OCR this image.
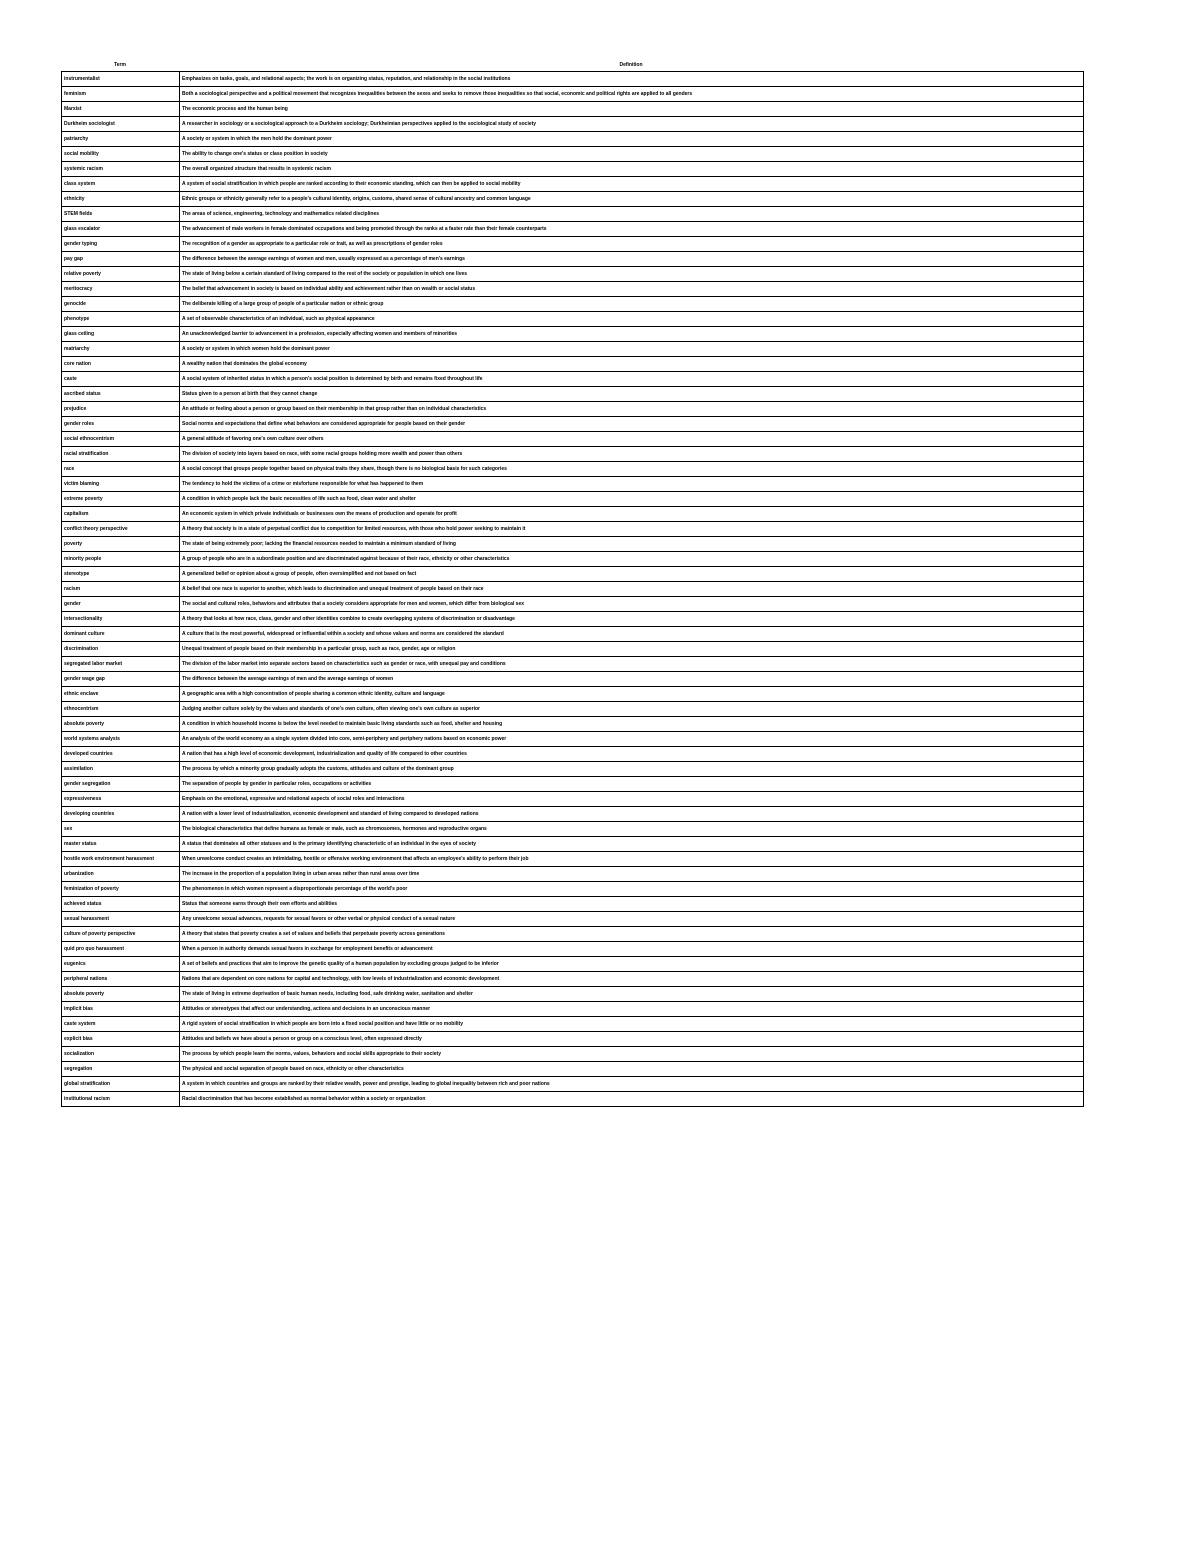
Term	Definition
instrumentalist	Emphasizes on tasks, goals, and relational aspects; the work is on organizing status, reputation, and relationship in the social institutions
feminism	Both a sociological perspective and a political movement that recognizes inequalities between the sexes and seeks to remove those inequalities so that social, economic and political rights are applied to all genders
Marxist	The economic process and the human being
Durkheim sociologist	A researcher in sociology or a sociological approach to a Durkheim sociology; Durkheimian perspectives applied to the sociological study of society
patriarchy	A society or system in which the men hold the dominant power
social mobility	The ability to change one's status or class position in society
systemic racism	The overall organized structure that results in systemic racism
class system	A system of social stratification in which people are ranked according to their economic standing, which can then be applied to social mobility
ethnicity	Ethnic groups or ethnicity generally refer to a people's cultural identity, origins, customs, shared sense of cultural ancestry and common language
STEM fields	The areas of science, engineering, technology and mathematics related disciplines
glass escalator	The advancement of male workers in female dominated occupations and being promoted through the ranks at a faster rate than their female counterparts
gender typing	The recognition of a gender as appropriate to a particular role or trait, as well as prescriptions of gender roles
pay gap	The difference between the average earnings of women and men, usually expressed as a percentage of men's earnings
relative poverty	The state of living below a certain standard of living compared to the rest of the society or population in which one lives
meritocracy	The belief that advancement in society is based on individual ability and achievement rather than on wealth or social status
genocide	The deliberate killing of a large group of people of a particular nation or ethnic group
phenotype	A set of observable characteristics of an individual, such as physical appearance
glass ceiling	An unacknowledged barrier to advancement in a profession, especially affecting women and members of minorities
matriarchy	A society or system in which women hold the dominant power
core nation	A wealthy nation that dominates the global economy
caste	A social system of inherited status in which a person's social position is determined by birth and remains fixed throughout life
ascribed status	Status given to a person at birth that they cannot change
prejudice	An attitude or feeling about a person or group based on their membership in that group rather than on individual characteristics
gender roles	Social norms and expectations that define what behaviors are considered appropriate for people based on their gender
social ethnocentrism	A general attitude of favoring one's own culture over others
racial stratification	The division of society into layers based on race, with some racial groups holding more wealth and power than others
race	A social concept that groups people together based on physical traits they share, though there is no biological basis for such categories
victim blaming	The tendency to hold the victims of a crime or misfortune responsible for what has happened to them
extreme poverty	A condition in which people lack the basic necessities of life such as food, clean water and shelter
capitalism	An economic system in which private individuals or businesses own the means of production and operate for profit
conflict theory perspective	A theory that society is in a state of perpetual conflict due to competition for limited resources, with those who hold power seeking to maintain it
poverty	The state of being extremely poor; lacking the financial resources needed to maintain a minimum standard of living
minority people	A group of people who are in a subordinate position and are discriminated against because of their race, ethnicity or other characteristics
stereotype	A generalized belief or opinion about a group of people, often oversimplified and not based on fact
racism	A belief that one race is superior to another, which leads to discrimination and unequal treatment of people based on their race
gender	The social and cultural roles, behaviors and attributes that a society considers appropriate for men and women, which differ from biological sex
intersectionality	A theory that looks at how race, class, gender and other identities combine to create overlapping systems of discrimination or disadvantage
dominant culture	A culture that is the most powerful, widespread or influential within a society and whose values and norms are considered the standard
discrimination	Unequal treatment of people based on their membership in a particular group, such as race, gender, age or religion
segregated labor market	The division of the labor market into separate sectors based on characteristics such as gender or race, with unequal pay and conditions
gender wage gap	The difference between the average earnings of men and the average earnings of women
ethnic enclave	A geographic area with a high concentration of people sharing a common ethnic identity, culture and language
ethnocentrism	Judging another culture solely by the values and standards of one's own culture, often viewing one's own culture as superior
absolute poverty	A condition in which household income is below the level needed to maintain basic living standards such as food, shelter and housing
world systems analysis	An analysis of the world economy as a single system divided into core, semi-periphery and periphery nations based on economic power
developed countries	A nation that has a high level of economic development, industrialization and quality of life compared to other countries
assimilation	The process by which a minority group gradually adopts the customs, attitudes and culture of the dominant group
gender segregation	The separation of people by gender in particular roles, occupations or activities
expressiveness	Emphasis on the emotional, expressive and relational aspects of social roles and interactions
developing countries	A nation with a lower level of industrialization, economic development and standard of living compared to developed nations
sex	The biological characteristics that define humans as female or male, such as chromosomes, hormones and reproductive organs
master status	A status that dominates all other statuses and is the primary identifying characteristic of an individual in the eyes of society
hostile work environment harassment	When unwelcome conduct creates an intimidating, hostile or offensive working environment that affects an employee's ability to perform their job
urbanization	The increase in the proportion of a population living in urban areas rather than rural areas over time
feminization of poverty	The phenomenon in which women represent a disproportionate percentage of the world's poor
achieved status	Status that someone earns through their own efforts and abilities
sexual harassment	Any unwelcome sexual advances, requests for sexual favors or other verbal or physical conduct of a sexual nature
culture of poverty perspective	A theory that states that poverty creates a set of values and beliefs that perpetuate poverty across generations
quid pro quo harassment	When a person in authority demands sexual favors in exchange for employment benefits or advancement
eugenics	A set of beliefs and practices that aim to improve the genetic quality of a human population by excluding groups judged to be inferior
peripheral nations	Nations that are dependent on core nations for capital and technology, with low levels of industrialization and economic development
absolute poverty	The state of living in extreme deprivation of basic human needs, including food, safe drinking water, sanitation and shelter
implicit bias	Attitudes or stereotypes that affect our understanding, actions and decisions in an unconscious manner
caste system	A rigid system of social stratification in which people are born into a fixed social position and have little or no mobility
explicit bias	Attitudes and beliefs we have about a person or group on a conscious level, often expressed directly
socialization	The process by which people learn the norms, values, behaviors and social skills appropriate to their society
segregation	The physical and social separation of people based on race, ethnicity or other characteristics
global stratification	A system in which countries and groups are ranked by their relative wealth, power and prestige, leading to global inequality between rich and poor nations
institutional racism	Racial discrimination that has become established as normal behavior within a society or organization
